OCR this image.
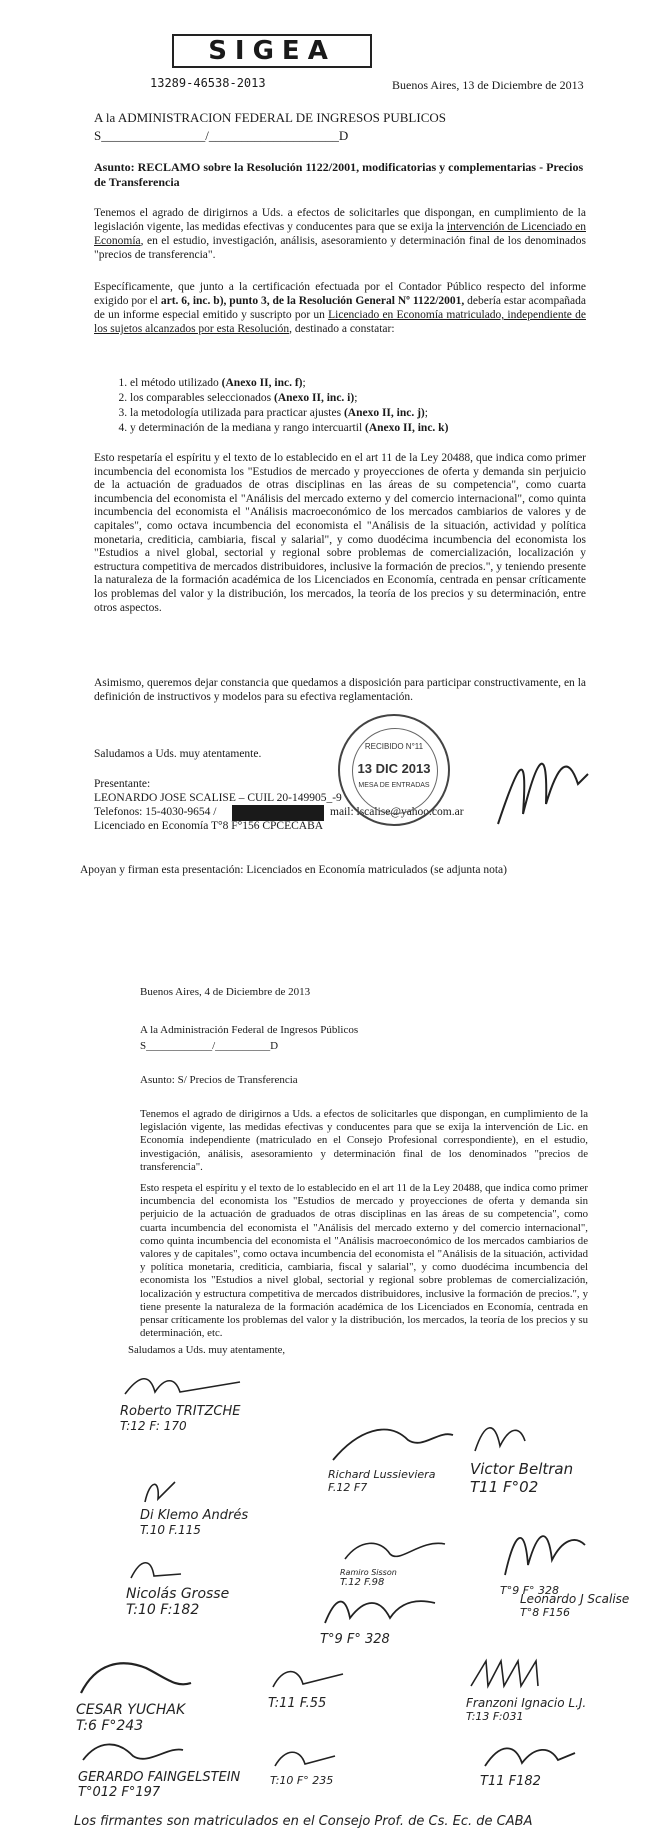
SIGEA
13289-46538-2013	Buenos Aires, 13 de Diciembre de 2013
A la ADMINISTRACION FEDERAL DE INGRESOS PUBLICOS
S________________/____________________D
Asunto: RECLAMO sobre la Resolución 1122/2001, modificatorias y complementarias - Precios de Transferencia

Tenemos el agrado de dirigirnos a Uds. a efectos de solicitarles que dispongan, en cumplimiento de la legislación vigente, las medidas efectivas y conducentes para que se exija la intervención de Licenciado en Economía, en el estudio, investigación, análisis, asesoramiento y determinación final de los denominados "precios de transferencia".

Específicamente, que junto a la certificación efectuada por el Contador Público respecto del informe exigido por el art. 6, inc. b), punto 3, de la Resolución General Nº 1122/2001, debería estar acompañada de un informe especial emitido y suscripto por un Licenciado en Economía matriculado, independiente de los sujetos alcanzados por esta Resolución, destinado a constatar:

1. el método utilizado (Anexo II, inc. f);
2. los comparables seleccionados (Anexo II, inc. i);
3. la metodología utilizada para practicar ajustes (Anexo II, inc. j);
4. y determinación de la mediana y rango intercuartil (Anexo II, inc. k)

Esto respetaría el espíritu y el texto de lo establecido en el art 11 de la Ley 20488, que indica como primer incumbencia del economista los "Estudios de mercado y proyecciones de oferta y demanda sin perjuicio de la actuación de graduados de otras disciplinas en las áreas de su competencia", como cuarta incumbencia del economista el "Análisis del mercado externo y del comercio internacional", como quinta incumbencia del economista el "Análisis macroeconómico de los mercados cambiarios de valores y de capitales", como octava incumbencia del economista el "Análisis de la situación, actividad y política monetaria, crediticia, cambiaria, fiscal y salarial", y como duodécima incumbencia del economista los "Estudios a nivel global, sectorial y regional sobre problemas de comercialización, localización y estructura competitiva de mercados distribuidores, inclusive la formación de precios.", y teniendo presente la naturaleza de la formación académica de los Licenciados en Economía, centrada en pensar críticamente los problemas del valor y la distribución, los mercados, la teoría de los precios y su determinación, entre otros aspectos.

Asimismo, queremos dejar constancia que quedamos a disposición para participar constructivamente, en la definición de instructivos y modelos para su efectiva reglamentación.

Saludamos a Uds. muy atentamente.
Presentante:
LEONARDO JOSE SCALISE – CUIL 20-149905_-9
Telefonos: 15-4030-9654 /	mail: lscalise@yahoo.com.ar
Licenciado en Economía T°8 F°156 CPCECABA
RECIBIDO N°11
13 DIC 2013
MESA DE ENTRADAS
Apoyan y firman esta presentación: Licenciados en Economía matriculados (se adjunta nota)
Buenos Aires, 4 de Diciembre de 2013
A la Administración Federal de Ingresos Públicos
S____________/__________D
Asunto: S/ Precios de Transferencia

Tenemos el agrado de dirigirnos a Uds. a efectos de solicitarles que dispongan, en cumplimiento de la legislación vigente, las medidas efectivas y conducentes para que se exija la intervención de Lic. en Economía independiente (matriculado en el Consejo Profesional correspondiente), en el estudio, investigación, análisis, asesoramiento y determinación final de los denominados "precios de transferencia".

Esto respeta el espíritu y el texto de lo establecido en el art 11 de la Ley 20488, que indica como primer incumbencia del economista los "Estudios de mercado y proyecciones de oferta y demanda sin perjuicio de la actuación de graduados de otras disciplinas en las áreas de su competencia", como cuarta incumbencia del economista el "Análisis del mercado externo y del comercio internacional", como quinta incumbencia del economista el "Análisis macroeconómico de los mercados cambiarios de valores y de capitales", como octava incumbencia del economista el "Análisis de la situación, actividad y política monetaria, crediticia, cambiaria, fiscal y salarial", y como duodécima incumbencia del economista los "Estudios a nivel global, sectorial y regional sobre problemas de comercialización, localización y estructura competitiva de mercados distribuidores, inclusive la formación de precios.", y tiene presente la naturaleza de la formación académica de los Licenciados en Economía, centrada en pensar críticamente los problemas del valor y la distribución, los mercados, la teoría de los precios y su determinación, etc.

Saludamos a Uds. muy atentamente,
Roberto TRITZCHE
T:12 F: 170
Victor Beltran
T11 F°02
Richard Lussieviera
F.12 F7
Di Klemo Andrés
T.10 F.115
Nicolás Grosse
T:10 F:182
Ramiro Sisson
T.12 F.98
T°9 F° 328
Leonardo J Scalise
T°8 F156
T°9 F° 328
CESAR YUCHAK
T:6 F°243
T:11 F.55	Franzoni Ignacio L.J.
T:13 F:031
GERARDO FAINGELSTEIN
T°012 F°197
T:10 F° 235	T11 F182
Los firmantes son matriculados en el Consejo Prof. de Cs. Ec. de CABA
